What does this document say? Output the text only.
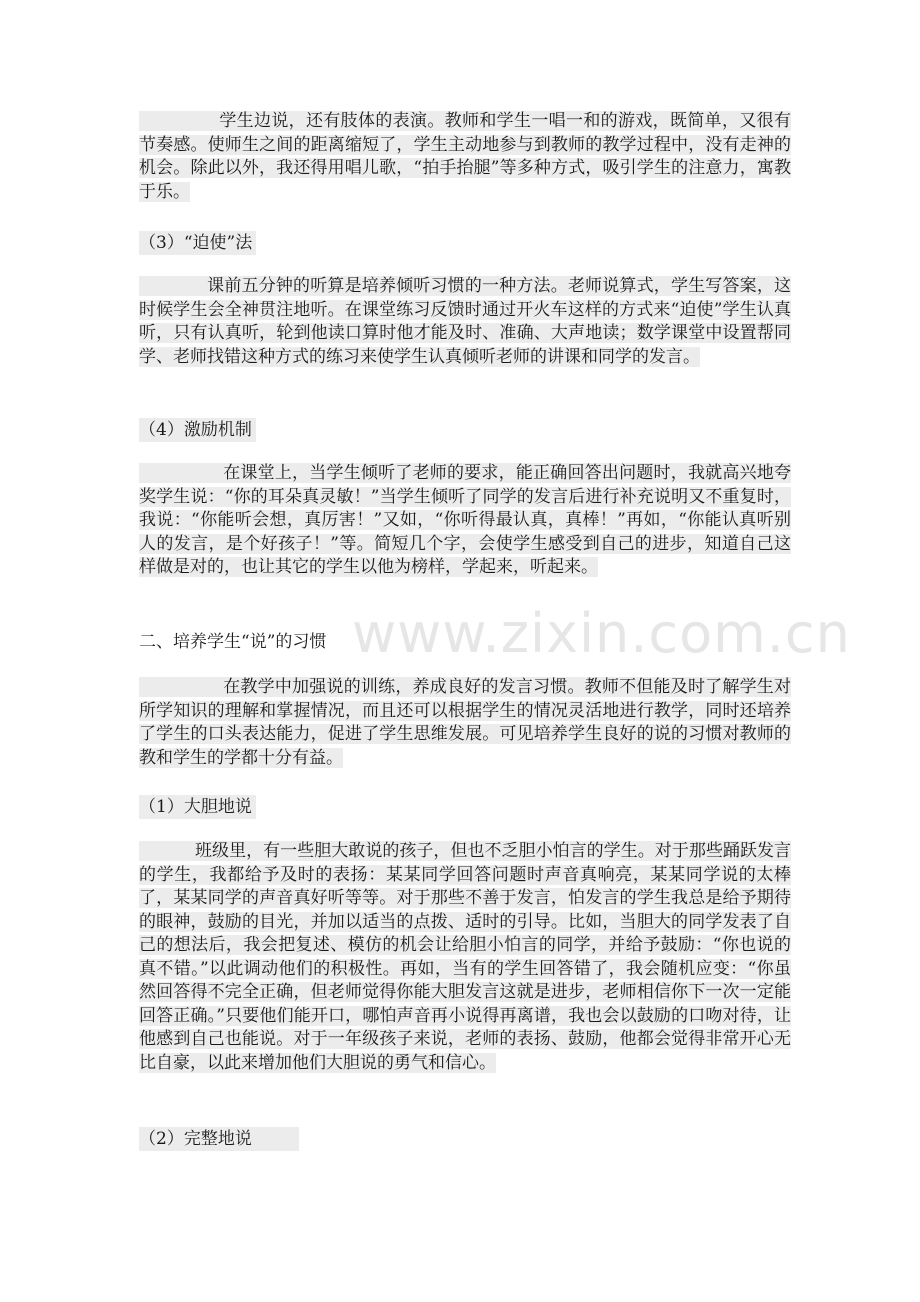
www.zixin.com.cn
学生边说，还有肢体的表演。教师和学生一唱一和的游戏，既简单，又很有节奏感。使师生之间的距离缩短了，学生主动地参与到教师的教学过程中，没有走神的机会。除此以外，我还得用唱儿歌，“拍手抬腿”等多种方式，吸引学生的注意力，寓教于乐。
（3）“迫使”法
课前五分钟的听算是培养倾听习惯的一种方法。老师说算式，学生写答案，这时候学生会全神贯注地听。在课堂练习反馈时通过开火车这样的方式来“迫使”学生认真听，只有认真听，轮到他读口算时他才能及时、准确、大声地读；数学课堂中设置帮同学、老师找错这种方式的练习来使学生认真倾听老师的讲课和同学的发言。
（4）激励机制
在课堂上，当学生倾听了老师的要求，能正确回答出问题时，我就高兴地夸奖学生说：“你的耳朵真灵敏！”当学生倾听了同学的发言后进行补充说明又不重复时，我说：“你能听会想，真厉害！”又如，“你听得最认真，真棒！”再如，“你能认真听别人的发言，是个好孩子！”等。简短几个字，会使学生感受到自己的进步，知道自己这样做是对的，也让其它的学生以他为榜样，学起来，听起来。
二、培养学生“说”的习惯
在教学中加强说的训练，养成良好的发言习惯。教师不但能及时了解学生对所学知识的理解和掌握情况，而且还可以根据学生的情况灵活地进行教学，同时还培养了学生的口头表达能力，促进了学生思维发展。可见培养学生良好的说的习惯对教师的教和学生的学都十分有益。
（1）大胆地说
班级里，有一些胆大敢说的孩子，但也不乏胆小怕言的学生。对于那些踊跃发言的学生，我都给予及时的表扬：某某同学回答问题时声音真响亮，某某同学说的太棒了，某某同学的声音真好听等等。对于那些不善于发言，怕发言的学生我总是给予期待的眼神，鼓励的目光，并加以适当的点拨、适时的引导。比如，当胆大的同学发表了自己的想法后，我会把复述、模仿的机会让给胆小怕言的同学，并给予鼓励：“你也说的真不错。”以此调动他们的积极性。再如，当有的学生回答错了，我会随机应变：“你虽然回答得不完全正确，但老师觉得你能大胆发言这就是进步，老师相信你下一次一定能回答正确。”只要他们能开口，哪怕声音再小说得再离谱，我也会以鼓励的口吻对待，让他感到自己也能说。对于一年级孩子来说，老师的表扬、鼓励，他都会觉得非常开心无比自豪，以此来增加他们大胆说的勇气和信心。
（2）完整地说
